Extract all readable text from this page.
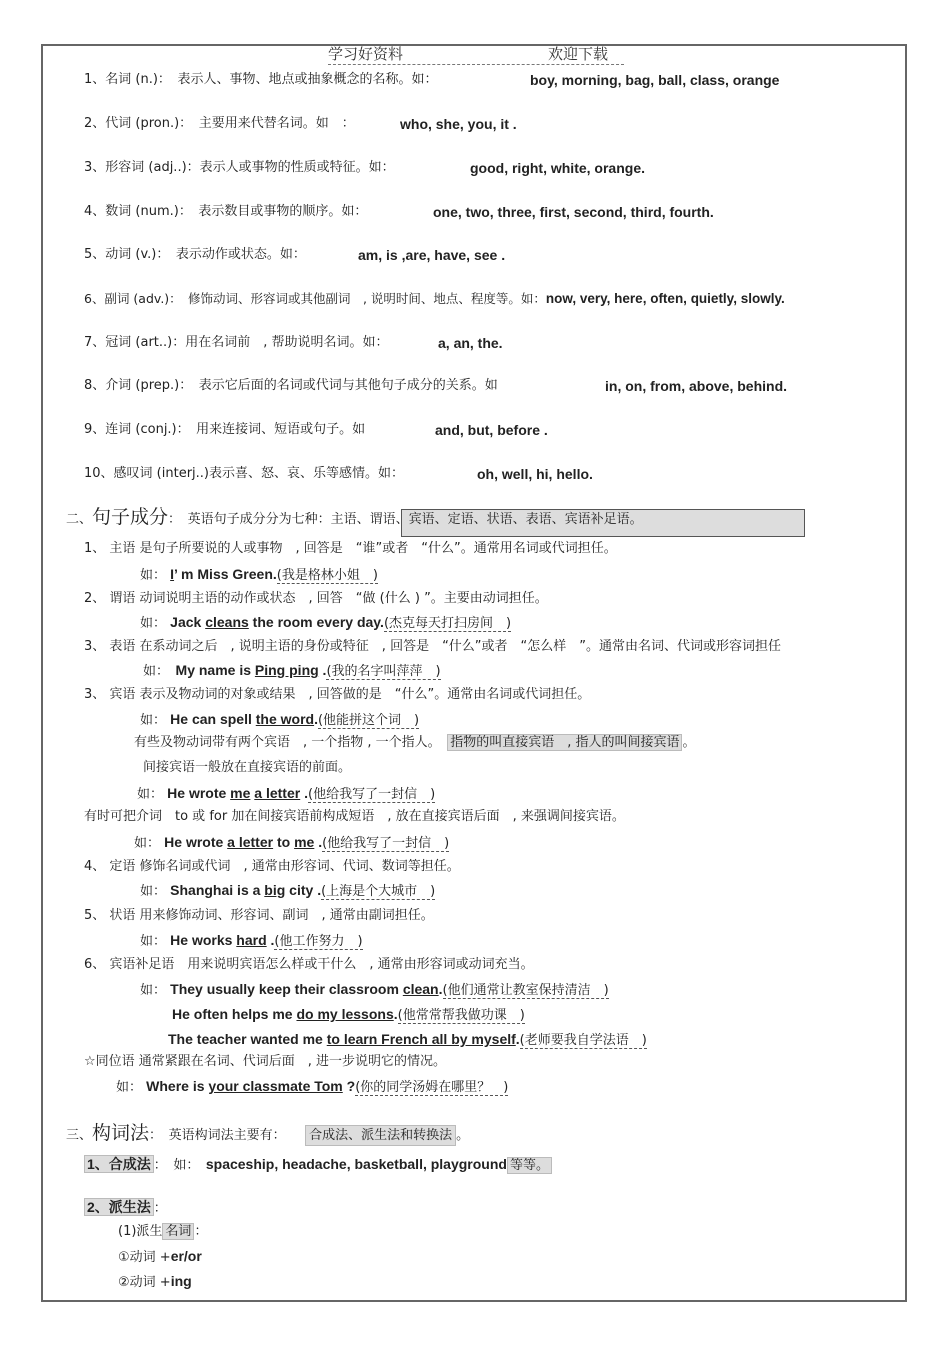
学习好资料	欢迎下载
1、名词 (n.)：　 表示人、事物、地点或抽象概念的名称。如：	boy, morning, bag, ball, class, orange
2、代词 (pron.)：　 主要用来代替名词。如　：	who, she, you, it .
3、形容词 (adj..)：表示人或事物的性质或特征。如：	good, right, white, orange.
4、数词 (num.)：　 表示数目或事物的顺序。如：	one, two, three, first, second, third, fourth.
5、动词 (v.)：　 表示动作或状态。如：	am, is ,are, have, see .
6、副词 (adv.)：　 修饰动词、形容词或其他副词　, 说明时间、地点、程度等。如：now, very, here, often, quietly, slowly.
7、冠词 (art..)：用在名词前　, 帮助说明名词。如：	a, an, the.
8、介词 (prep.)：　 表示它后面的名词或代词与其他句子成分的关系。如	in, on, from, above, behind.
9、连词 (conj.)：　 用来连接词、短语或句子。如	and, but, before .
10、感叹词 (interj..)表示喜、怒、哀、乐等感情。如：	oh, well, hi, hello.
二、句子成分：　 英语句子成分分为七种：主语、谓语、宾语、定语、状语、表语、宾语补足语。
1、 主语 是句子所要说的人或事物　, 回答是　“谁”或者　“什么”。通常用名词或代词担任。
如： I’ m Miss Green.(我是格林小姐　)
2、 谓语 动词说明主语的动作或状态　, 回答　“做 (什么 ) ”。主要由动词担任。
如： Jack cleans the room every day.(杰克每天打扫房间　)
3、 表语 在系动词之后　, 说明主语的身份或特征　, 回答是　“什么”或者　“怎么样　”。通常由名词、代词或形容词担任
如：　 My name is Ping ping .(我的名字叫萍萍　)
3、 宾语 表示及物动词的对象或结果　, 回答做的是　“什么”。通常由名词或代词担任。
如： He can spell the word.(他能拼这个词　)
有些及物动词带有两个宾语　, 一个指物 , 一个指人。　 指物的叫直接宾语　, 指人的叫间接宾语 。
间接宾语一般放在直接宾语的前面。
如： He wrote me a letter .(他给我写了一封信　)
有时可把介词　to 或 for 加在间接宾语前构成短语　, 放在直接宾语后面　, 来强调间接宾语。
如： He wrote a letter to me .(他给我写了一封信　)
4、 定语 修饰名词或代词　, 通常由形容词、代词、数词等担任。
如： Shanghai is a big city .(上海是个大城市　)
5、 状语 用来修饰动词、形容词、副词　, 通常由副词担任。
如： He works hard .(他工作努力　)
6、 宾语补足语　用来说明宾语怎么样或干什么　, 通常由形容词或动词充当。
如： They usually keep their classroom clean.(他们通常让教室保持清洁　)
He often helps me do my lessons.(他常常帮我做功课　)
The teacher wanted me to learn French all by myself.(老师要我自学法语　)
☆同位语 通常紧跟在名词、代词后面　, 进一步说明它的情况。
如： Where is your classmate Tom ?(你的同学汤姆在哪里？　)
三、构词法：　 英语构词法主要有：　　 合成法、派生法和转换法 。
1、合成法 ：　 如：　 spaceship, headache, basketball, playground 等等。
2、派生法 ：
(1)派生 名词 ：
①动词 +er/or
②动词 +ing
